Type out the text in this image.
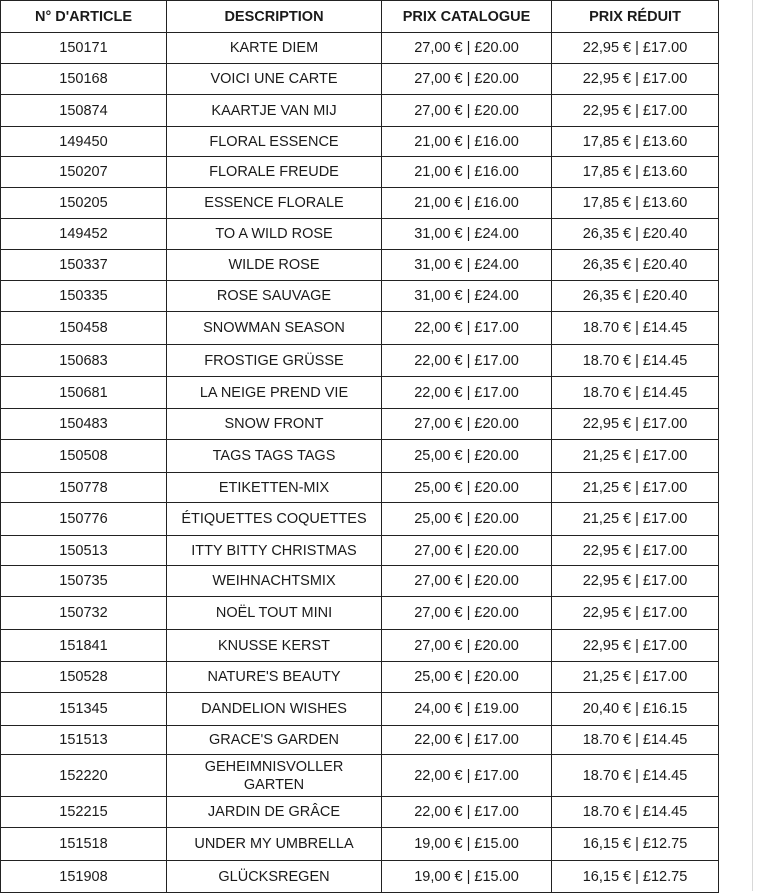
N° D'ARTICLE	DESCRIPTION	PRIX CATALOGUE	PRIX RÉDUIT
150171	KARTE DIEM	27,00 € | £20.00	22,95 € | £17.00
150168	VOICI UNE CARTE	27,00 € | £20.00	22,95 € | £17.00
150874	KAARTJE VAN MIJ	27,00 € | £20.00	22,95 € | £17.00
149450	FLORAL ESSENCE	21,00 € | £16.00	17,85 € | £13.60
150207	FLORALE FREUDE	21,00 € | £16.00	17,85 € | £13.60
150205	ESSENCE FLORALE	21,00 € | £16.00	17,85 € | £13.60
149452	TO A WILD ROSE	31,00 € | £24.00	26,35 € | £20.40
150337	WILDE ROSE	31,00 € | £24.00	26,35 € | £20.40
150335	ROSE SAUVAGE	31,00 € | £24.00	26,35 € | £20.40
150458	SNOWMAN SEASON	22,00 € | £17.00	18.70 € | £14.45
150683	FROSTIGE GRÜSSE	22,00 € | £17.00	18.70 € | £14.45
150681	LA NEIGE PREND VIE	22,00 € | £17.00	18.70 € | £14.45
150483	SNOW FRONT	27,00 € | £20.00	22,95 € | £17.00
150508	TAGS TAGS TAGS	25,00 € | £20.00	21,25 € | £17.00
150778	ETIKETTEN-MIX	25,00 € | £20.00	21,25 € | £17.00
150776	ÉTIQUETTES COQUETTES	25,00 € | £20.00	21,25 € | £17.00
150513	ITTY BITTY CHRISTMAS	27,00 € | £20.00	22,95 € | £17.00
150735	WEIHNACHTSMIX	27,00 € | £20.00	22,95 € | £17.00
150732	NOËL TOUT MINI	27,00 € | £20.00	22,95 € | £17.00
151841	KNUSSE KERST	27,00 € | £20.00	22,95 € | £17.00
150528	NATURE'S BEAUTY	25,00 € | £20.00	21,25 € | £17.00
151345	DANDELION WISHES	24,00 € | £19.00	20,40 € | £16.15
151513	GRACE'S GARDEN	22,00 € | £17.00	18.70 € | £14.45
152220	GEHEIMNISVOLLER GARTEN	22,00 € | £17.00	18.70 € | £14.45
152215	JARDIN DE GRÂCE	22,00 € | £17.00	18.70 € | £14.45
151518	UNDER MY UMBRELLA	19,00 € | £15.00	16,15 € | £12.75
151908	GLÜCKSREGEN	19,00 € | £15.00	16,15 € | £12.75
